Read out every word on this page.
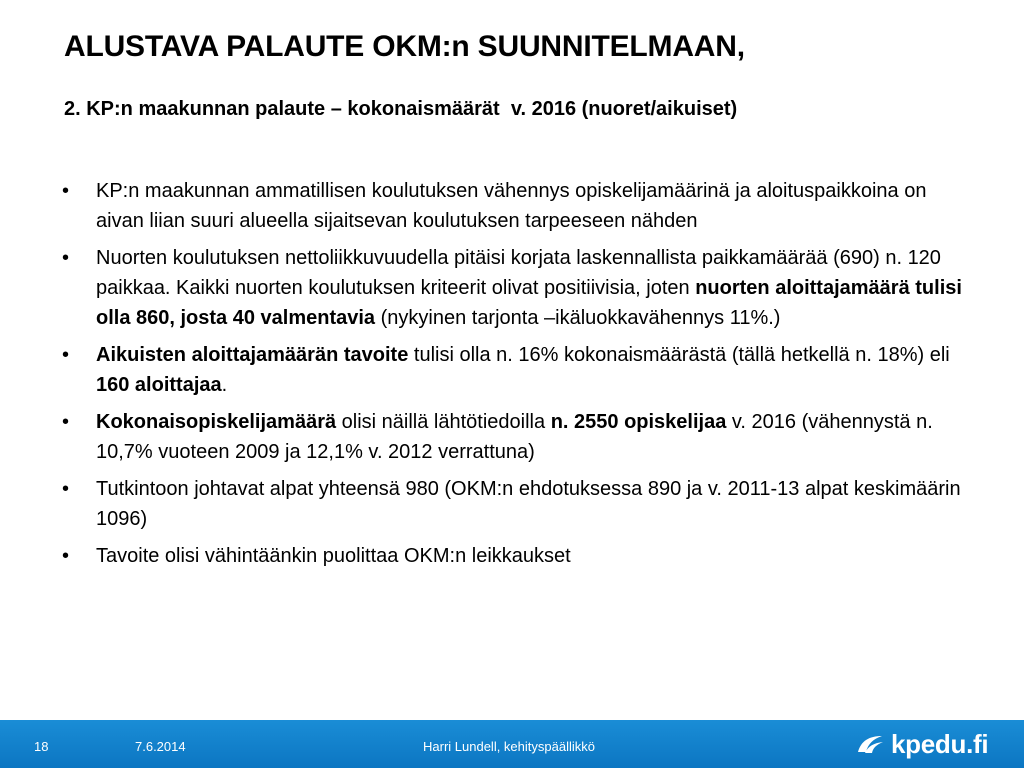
ALUSTAVA PALAUTE OKM:n SUUNNITELMAAN,
2. KP:n maakunnan palaute – kokonaismäärät  v. 2016 (nuoret/aikuiset)
• KP:n maakunnan ammatillisen koulutuksen vähennys opiskelijamäärinä ja aloituspaikkoina on aivan liian suuri alueella sijaitsevan koulutuksen tarpeeseen nähden
• Nuorten koulutuksen nettoliikkuvuudella pitäisi korjata laskennallista paikkamäärää (690) n. 120 paikkaa. Kaikki nuorten koulutuksen kriteerit olivat positiivisia, joten nuorten aloittajamäärä tulisi olla 860, josta 40 valmentavia (nykyinen tarjonta –ikäluokkavähennys 11%.)
• Aikuisten aloittajamäärän tavoite tulisi olla n. 16% kokonaismäärästä (tällä hetkellä n. 18%) eli 160 aloittajaa.
• Kokonaisopiskelijamäärä olisi näillä lähtötiedoilla n. 2550 opiskelijaa v. 2016 (vähennystä n. 10,7% vuoteen 2009 ja 12,1% v. 2012 verrattuna)
• Tutkintoon johtavat alpat yhteensä 980 (OKM:n ehdotuksessa 890 ja v. 2011-13 alpat keskimäärin 1096)
• Tavoite olisi vähintäänkin puolittaa OKM:n leikkaukset
18	7.6.2014	Harri Lundell, kehityspäällikkö	kpedu.fi
